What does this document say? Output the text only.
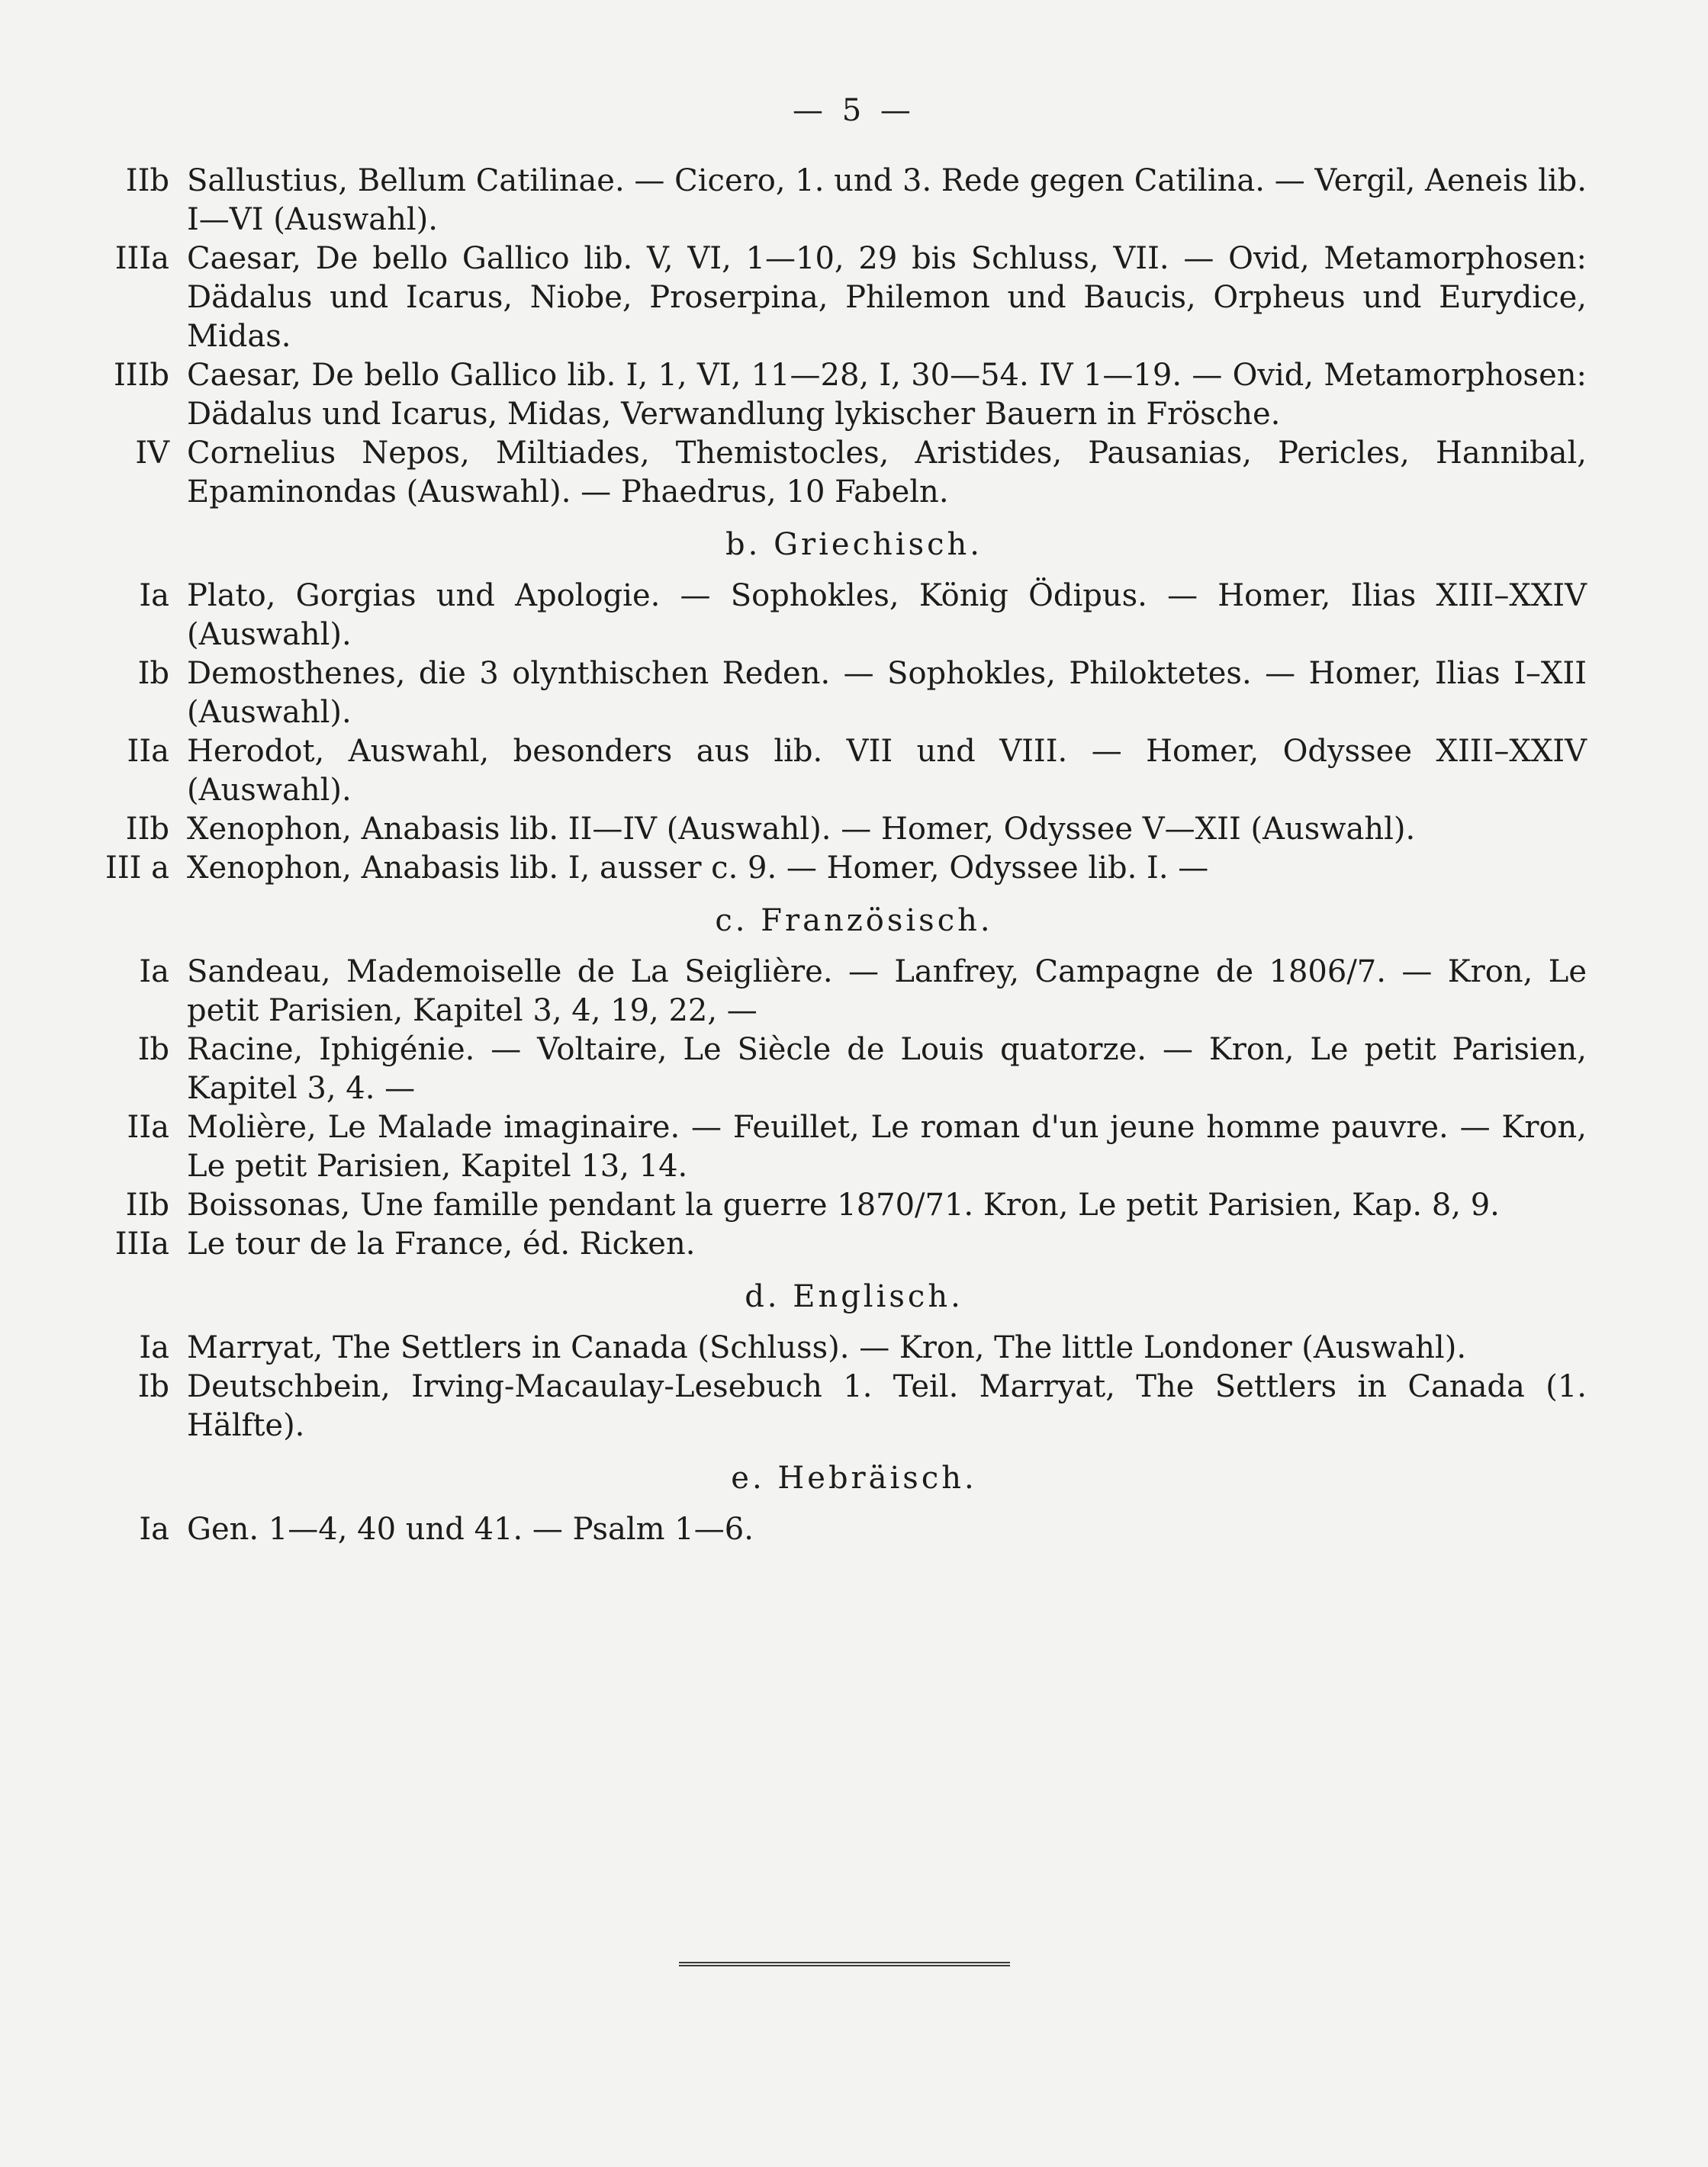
— 5 —
IIb Sallustius, Bellum Catilinae. — Cicero, 1. und 3. Rede gegen Catilina. — Vergil, Aeneis lib. I—VI (Auswahl).
IIIa Caesar, De bello Gallico lib. V, VI, 1—10, 29 bis Schluss, VII. — Ovid, Metamorphosen: Dädalus und Icarus, Niobe, Proserpina, Philemon und Baucis, Orpheus und Eurydice, Midas.
IIIb Caesar, De bello Gallico lib. I, 1, VI, 11—28, I, 30—54. IV 1—19. — Ovid, Metamorphosen: Dädalus und Icarus, Midas, Verwandlung lykischer Bauern in Frösche.
IV Cornelius Nepos, Miltiades, Themistocles, Aristides, Pausanias, Pericles, Hannibal, Epaminondas (Auswahl). — Phaedrus, 10 Fabeln.
b. Griechisch.
Ia Plato, Gorgias und Apologie. — Sophokles, König Ödipus. — Homer, Ilias XIII–XXIV (Auswahl).
Ib Demosthenes, die 3 olynthischen Reden. — Sophokles, Philoktetes. — Homer, Ilias I–XII (Auswahl).
IIa Herodot, Auswahl, besonders aus lib. VII und VIII. — Homer, Odyssee XIII–XXIV (Auswahl).
IIb Xenophon, Anabasis lib. II—IV (Auswahl). — Homer, Odyssee V—XII (Auswahl).
III a Xenophon, Anabasis lib. I, ausser c. 9. — Homer, Odyssee lib. I. —
c. Französisch.
Ia Sandeau, Mademoiselle de La Seiglière. — Lanfrey, Campagne de 1806/7. — Kron, Le petit Parisien, Kapitel 3, 4, 19, 22, —
Ib Racine, Iphigénie. — Voltaire, Le Siècle de Louis quatorze. — Kron, Le petit Parisien, Kapitel 3, 4. —
IIa Molière, Le Malade imaginaire. — Feuillet, Le roman d'un jeune homme pauvre. — Kron, Le petit Parisien, Kapitel 13, 14.
IIb Boissonas, Une famille pendant la guerre 1870/71. Kron, Le petit Parisien, Kap. 8, 9.
IIIa Le tour de la France, éd. Ricken.
d. Englisch.
Ia Marryat, The Settlers in Canada (Schluss). — Kron, The little Londoner (Auswahl).
Ib Deutschbein, Irving-Macaulay-Lesebuch 1. Teil. Marryat, The Settlers in Canada (1. Hälfte).
e. Hebräisch.
Ia Gen. 1—4, 40 und 41. — Psalm 1—6.
